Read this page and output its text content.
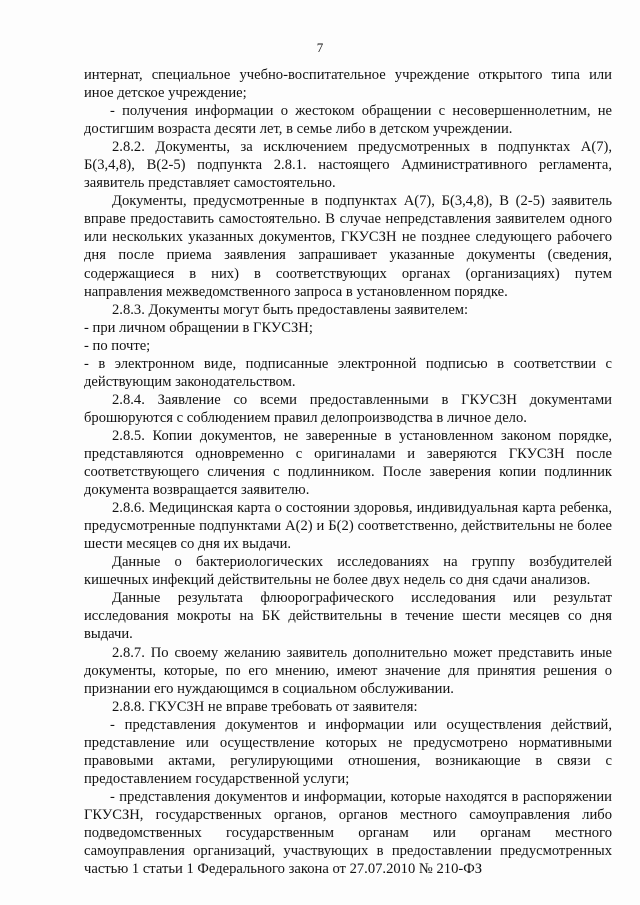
7

интернат, специальное учебно-воспитательное учреждение открытого типа или иное детское учреждение;

- получения информации о жестоком обращении с несовершеннолетним, не достигшим возраста десяти лет, в семье либо в детском учреждении.

2.8.2. Документы, за исключением предусмотренных в подпунктах А(7), Б(3,4,8), В(2-5) подпункта 2.8.1. настоящего Административного регламента, заявитель представляет самостоятельно.

Документы, предусмотренные в подпунктах А(7), Б(3,4,8), В (2-5) заявитель вправе предоставить самостоятельно. В случае непредставления заявителем одного или нескольких указанных документов, ГКУСЗН не позднее следующего рабочего дня после приема заявления запрашивает указанные документы (сведения, содержащиеся в них) в соответствующих органах (организациях) путем направления межведомственного запроса в установленном порядке.

2.8.3. Документы могут быть предоставлены заявителем:

- при личном обращении в ГКУСЗН;

- по почте;

- в электронном виде, подписанные электронной подписью в соответствии с действующим законодательством.

2.8.4. Заявление со всеми предоставленными в ГКУСЗН документами брошюруются с соблюдением правил делопроизводства в личное дело.

2.8.5. Копии документов, не заверенные в установленном законом порядке, представляются одновременно с оригиналами и заверяются ГКУСЗН после соответствующего сличения с подлинником. После заверения копии подлинник документа возвращается заявителю.

2.8.6. Медицинская карта о состоянии здоровья, индивидуальная карта ребенка, предусмотренные подпунктами А(2) и Б(2) соответственно, действительны не более шести месяцев со дня их выдачи.

Данные о бактериологических исследованиях на группу возбудителей кишечных инфекций действительны не более двух недель со дня сдачи анализов.

Данные результата флюорографического исследования или результат исследования мокроты на БК действительны в течение шести месяцев со дня выдачи.

2.8.7. По своему желанию заявитель дополнительно может представить иные документы, которые, по его мнению, имеют значение для принятия решения о признании его нуждающимся в социальном обслуживании.

2.8.8. ГКУСЗН не вправе требовать от заявителя:

- представления документов и информации или осуществления действий, представление или осуществление которых не предусмотрено нормативными правовыми актами, регулирующими отношения, возникающие в связи с предоставлением государственной услуги;

- представления документов и информации, которые находятся в распоряжении ГКУСЗН, государственных органов, органов местного самоуправления либо подведомственных государственным органам или органам местного самоуправления организаций, участвующих в предоставлении предусмотренных частью 1 статьи 1 Федерального закона от 27.07.2010 № 210-ФЗ
